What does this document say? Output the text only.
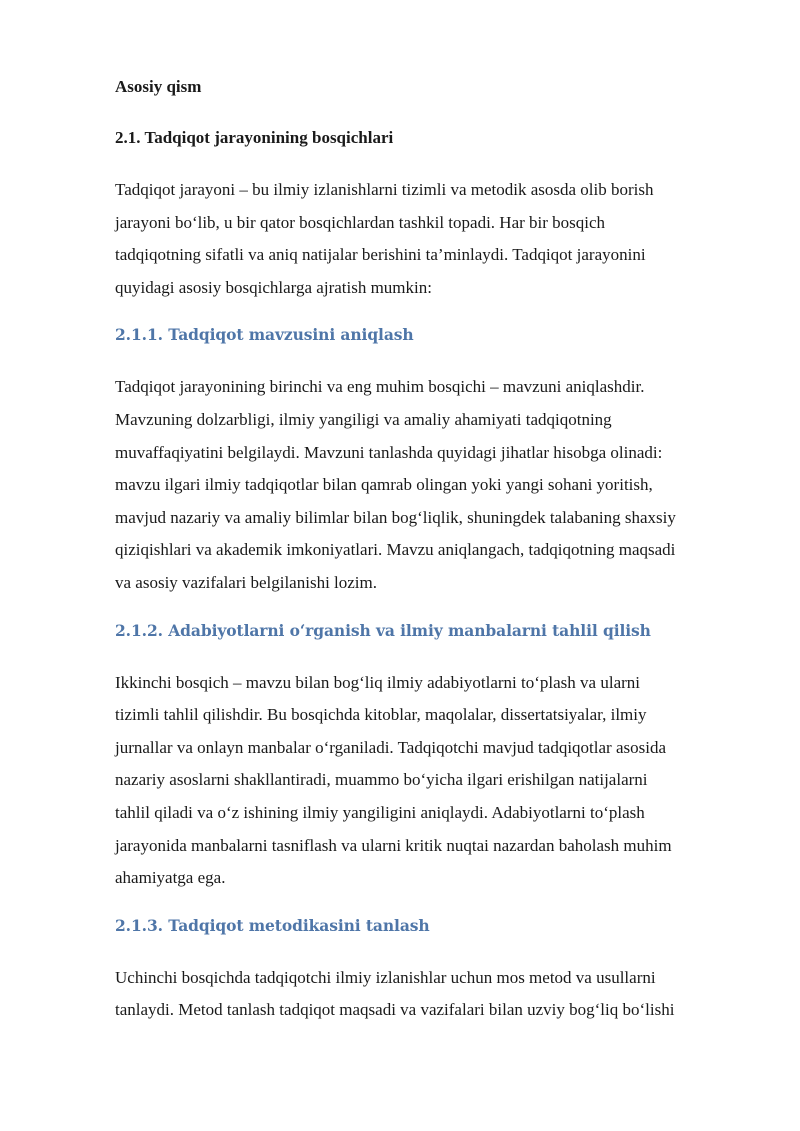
Asosiy qism
2.1. Tadqiqot jarayonining bosqichlari
Tadqiqot jarayoni – bu ilmiy izlanishlarni tizimli va metodik asosda olib borish
jarayoni bo‘lib, u bir qator bosqichlardan tashkil topadi. Har bir bosqich
tadqiqotning sifatli va aniq natijalar berishini ta’minlaydi. Tadqiqot jarayonini
quyidagi asosiy bosqichlarga ajratish mumkin:
2.1.1. Tadqiqot mavzusini aniqlash
Tadqiqot jarayonining birinchi va eng muhim bosqichi – mavzuni aniqlashdir.
Mavzuning dolzarbligi, ilmiy yangiligi va amaliy ahamiyati tadqiqotning
muvaffaqiyatini belgilaydi. Mavzuni tanlashda quyidagi jihatlar hisobga olinadi:
mavzu ilgari ilmiy tadqiqotlar bilan qamrab olingan yoki yangi sohani yoritish,
mavjud nazariy va amaliy bilimlar bilan bog‘liqlik, shuningdek talabaning shaxsiy
qiziqishlari va akademik imkoniyatlari. Mavzu aniqlangach, tadqiqotning maqsadi
va asosiy vazifalari belgilanishi lozim.
2.1.2. Adabiyotlarni o‘rganish va ilmiy manbalarni tahlil qilish
Ikkinchi bosqich – mavzu bilan bog‘liq ilmiy adabiyotlarni to‘plash va ularni
tizimli tahlil qilishdir. Bu bosqichda kitoblar, maqolalar, dissertatsiyalar, ilmiy
jurnallar va onlayn manbalar o‘rganiladi. Tadqiqotchi mavjud tadqiqotlar asosida
nazariy asoslarni shakllantiradi, muammo bo‘yicha ilgari erishilgan natijalarni
tahlil qiladi va o‘z ishining ilmiy yangiligini aniqlaydi. Adabiyotlarni to‘plash
jarayonida manbalarni tasniflash va ularni kritik nuqtai nazardan baholash muhim
ahamiyatga ega.
2.1.3. Tadqiqot metodikasini tanlash
Uchinchi bosqichda tadqiqotchi ilmiy izlanishlar uchun mos metod va usullarni
tanlaydi. Metod tanlash tadqiqot maqsadi va vazifalari bilan uzviy bog‘liq bo‘lishi
